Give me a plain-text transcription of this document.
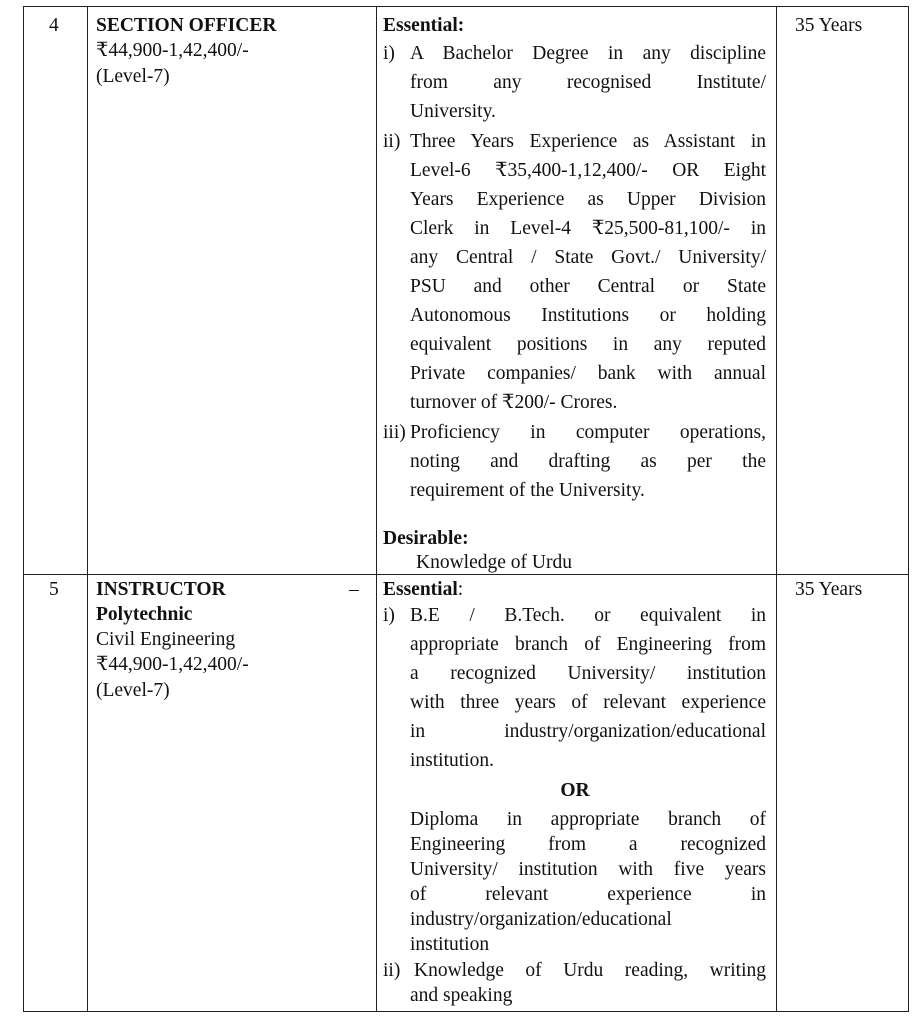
4 SECTION OFFICER
₹44,900-1,42,400/-
(Level-7)
Essential:
i) A Bachelor Degree in any discipline
from any recognised Institute/
University.
ii) Three Years Experience as Assistant in
Level-6 ₹35,400-1,12,400/- OR Eight
Years Experience as Upper Division
Clerk in Level-4 ₹25,500-81,100/- in
any Central / State Govt./ University/
PSU and other Central or State
Autonomous Institutions or holding
equivalent positions in any reputed
Private companies/ bank with annual
turnover of ₹200/- Crores.
iii) Proficiency in computer operations,
noting and drafting as per the
requirement of the University.
Desirable:
Knowledge of Urdu
35 Years
5 INSTRUCTOR	–
Polytechnic
Civil Engineering
₹44,900-1,42,400/-
(Level-7)
Essential:
i) B.E / B.Tech. or equivalent in
appropriate branch of Engineering from
a recognized University/ institution
with three years of relevant experience
in industry/organization/educational
institution.
OR
Diploma in appropriate branch of
Engineering from a recognized
University/ institution with five years
of relevant experience in
industry/organization/educational
institution
ii) Knowledge of Urdu reading, writing
and speaking
35 Years
